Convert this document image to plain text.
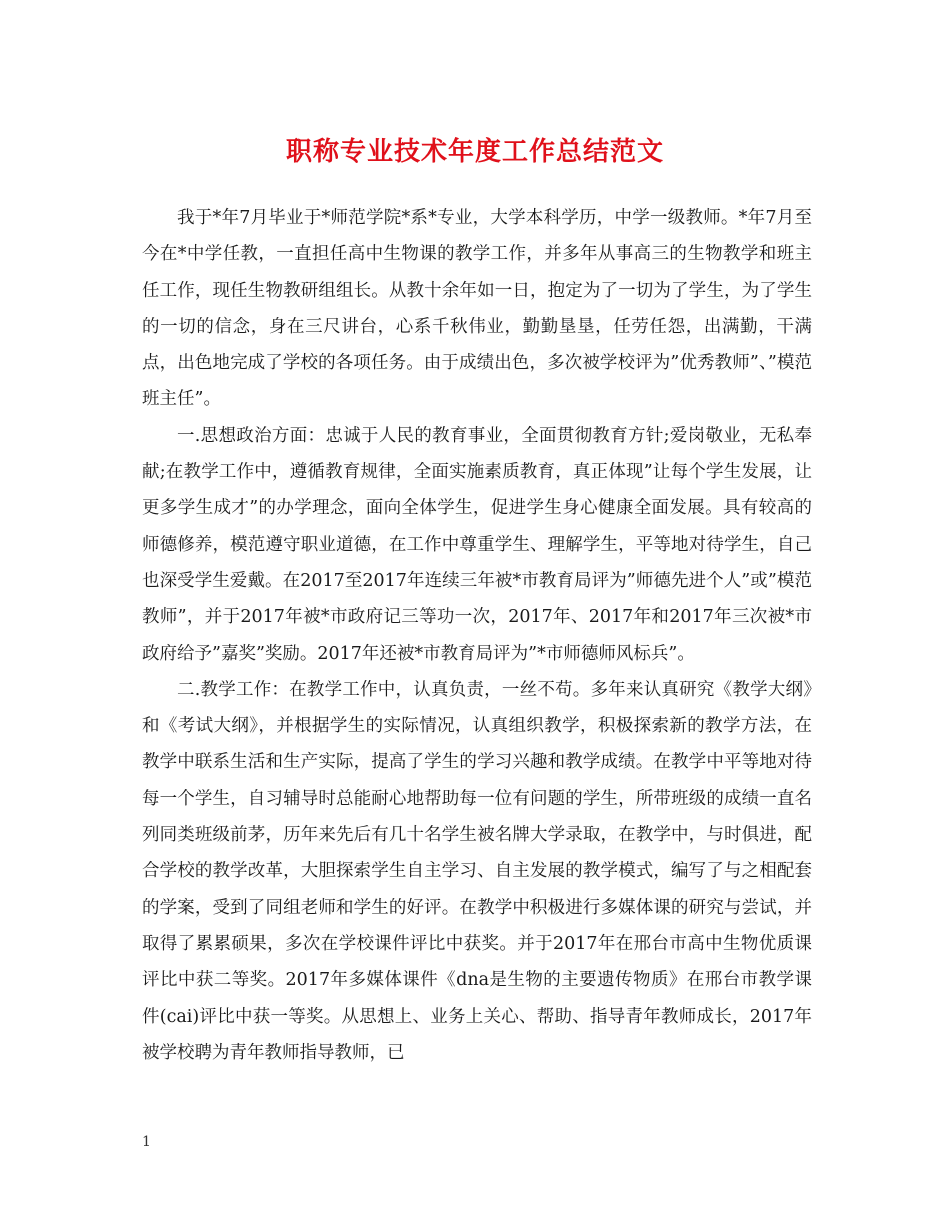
职称专业技术年度工作总结范文

我于*年7月毕业于*师范学院*系*专业，大学本科学历，中学一级教师。*年7月至今在*中学任教，一直担任高中生物课的教学工作，并多年从事高三的生物教学和班主任工作，现任生物教研组组长。从教十余年如一日，抱定为了一切为了学生，为了学生的一切的信念，身在三尺讲台，心系千秋伟业，勤勤垦垦，任劳任怨，出满勤，干满点，出色地完成了学校的各项任务。由于成绩出色，多次被学校评为”优秀教师”、”模范班主任”。

一.思想政治方面：忠诚于人民的教育事业，全面贯彻教育方针;爱岗敬业，无私奉献;在教学工作中，遵循教育规律，全面实施素质教育，真正体现”让每个学生发展，让更多学生成才”的办学理念，面向全体学生，促进学生身心健康全面发展。具有较高的师德修养，模范遵守职业道德，在工作中尊重学生、理解学生，平等地对待学生，自己也深受学生爱戴。在2017至2017年连续三年被*市教育局评为”师德先进个人”或”模范教师”，并于2017年被*市政府记三等功一次，2017年、2017年和2017年三次被*市政府给予”嘉奖”奖励。2017年还被*市教育局评为”*市师德师风标兵”。

二.教学工作：在教学工作中，认真负责，一丝不苟。多年来认真研究《教学大纲》和《考试大纲》，并根据学生的实际情况，认真组织教学，积极探索新的教学方法，在教学中联系生活和生产实际，提高了学生的学习兴趣和教学成绩。在教学中平等地对待每一个学生，自习辅导时总能耐心地帮助每一位有问题的学生，所带班级的成绩一直名列同类班级前茅，历年来先后有几十名学生被名牌大学录取，在教学中，与时俱进，配合学校的教学改革，大胆探索学生自主学习、自主发展的教学模式，编写了与之相配套的学案，受到了同组老师和学生的好评。在教学中积极进行多媒体课的研究与尝试，并取得了累累硕果，多次在学校课件评比中获奖。并于2017年在邢台市高中生物优质课评比中获二等奖。2017年多媒体课件《dna是生物的主要遗传物质》在邢台市教学课件(cai)评比中获一等奖。从思想上、业务上关心、帮助、指导青年教师成长，2017年被学校聘为青年教师指导教师，已

1
